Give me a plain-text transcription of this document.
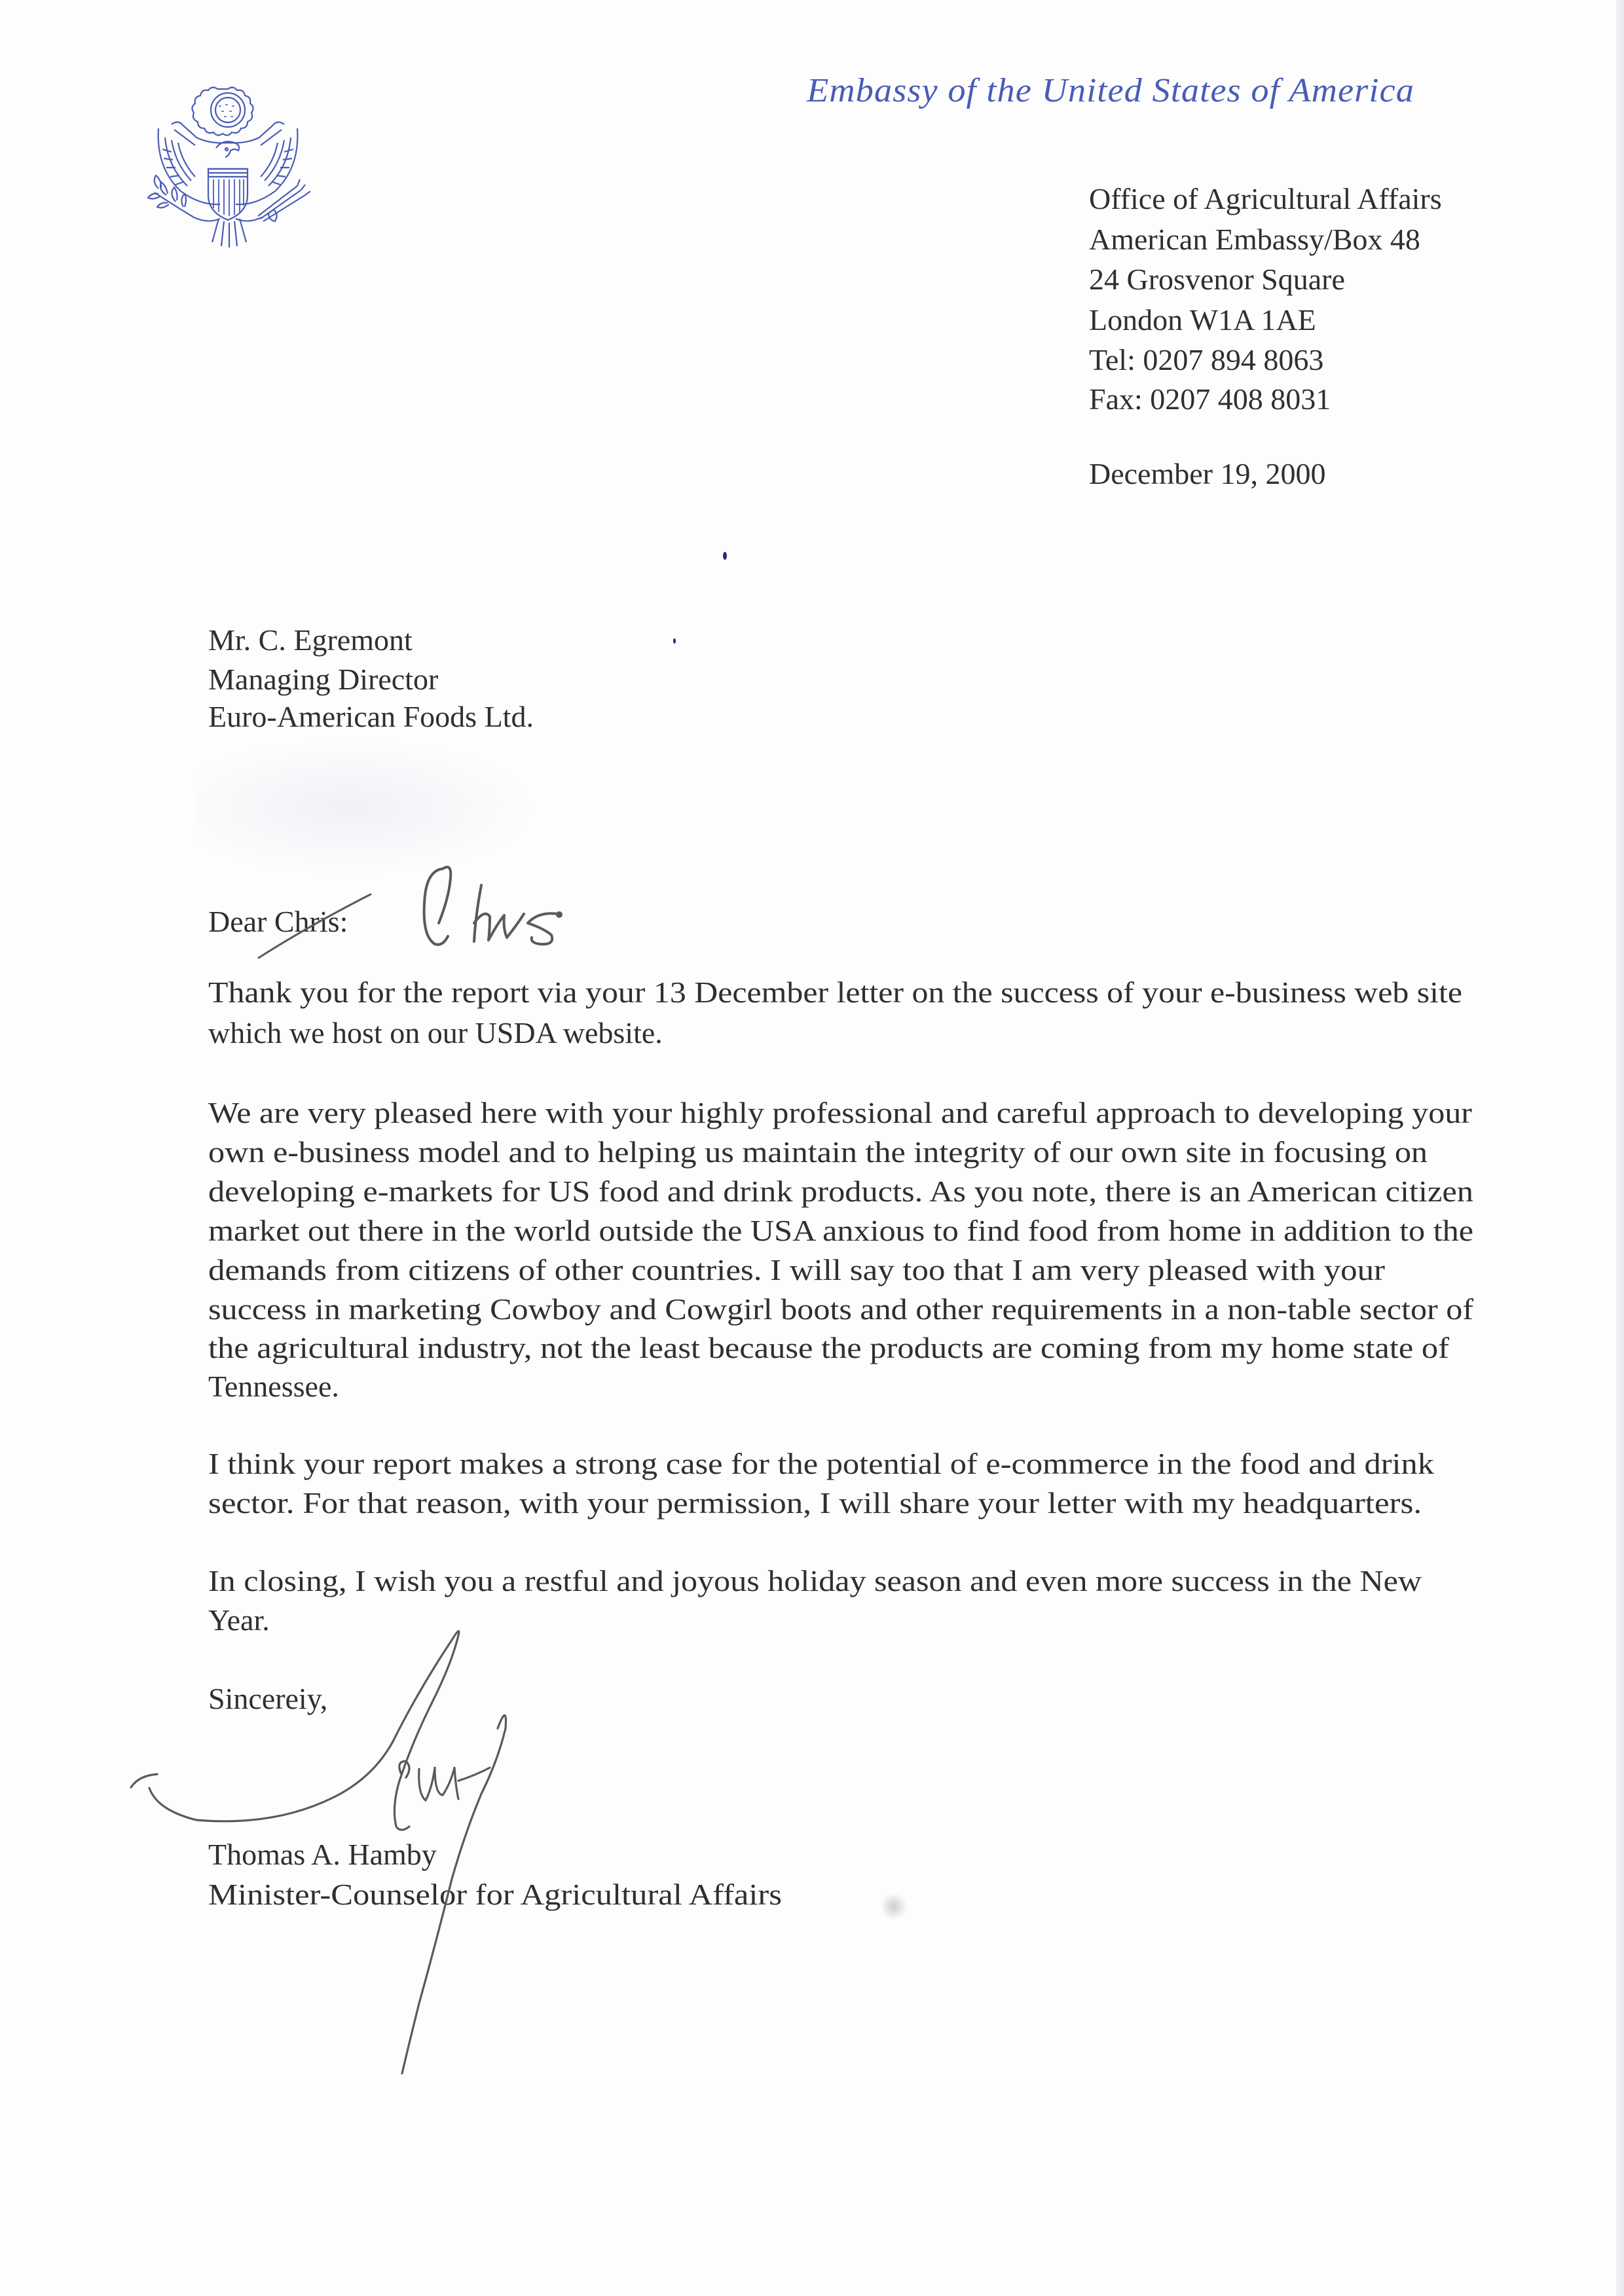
Embassy of the United States of America
Office of Agricultural Affairs
American Embassy/Box 48
24 Grosvenor Square
London W1A 1AE
Tel: 0207 894 8063
Fax: 0207 408 8031
December 19, 2000
Mr. C. Egremont
Managing Director
Euro-American Foods Ltd.
Dear Chris:
Thank you for the report via your 13 December letter on the success of your e-business web site
which we host on our USDA website.
We are very pleased here with your highly professional and careful approach to developing your
own e-business model and to helping us maintain the integrity of our own site in focusing on
developing e-markets for US food and drink products. As you note, there is an American citizen
market out there in the world outside the USA anxious to find food from home in addition to the
demands from citizens of other countries. I will say too that I am very pleased with your
success in marketing Cowboy and Cowgirl boots and other requirements in a non-table sector of
the agricultural industry, not the least because the products are coming from my home state of
Tennessee.
I think your report makes a strong case for the potential of e-commerce in the food and drink
sector. For that reason, with your permission, I will share your letter with my headquarters.
In closing, I wish you a restful and joyous holiday season and even more success in the New
Year.
Sincereiy,
Thomas A. Hamby
Minister-Counselor for Agricultural Affairs
